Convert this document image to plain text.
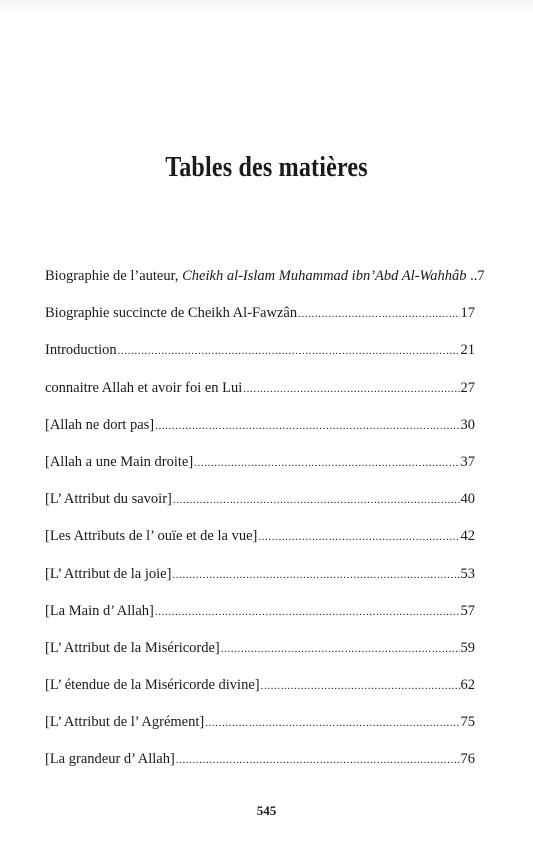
Tables des matières
Biographie de l’auteur, Cheikh al-Islam Muhammad ibn’Abd Al-Wahhâb .. 7
Biographie succincte de Cheikh Al-Fawzân .....	17
Introduction .....	21
connaitre Allah et avoir foi en Lui .....	27
[Allah ne dort pas] .....	30
[Allah a une Main droite] .....	37
[L’ Attribut du savoir] .....	40
[Les Attributs de l’ ouïe et de la vue] .....	42
[L’ Attribut de la joie] .....	53
[La Main d’ Allah] .....	57
[L’ Attribut de la Miséricorde] .....	59
[L’ étendue de la Miséricorde divine] .....	62
[L’ Attribut de l’ Agrément] .....	75
[La grandeur d’ Allah] .....	76
545
